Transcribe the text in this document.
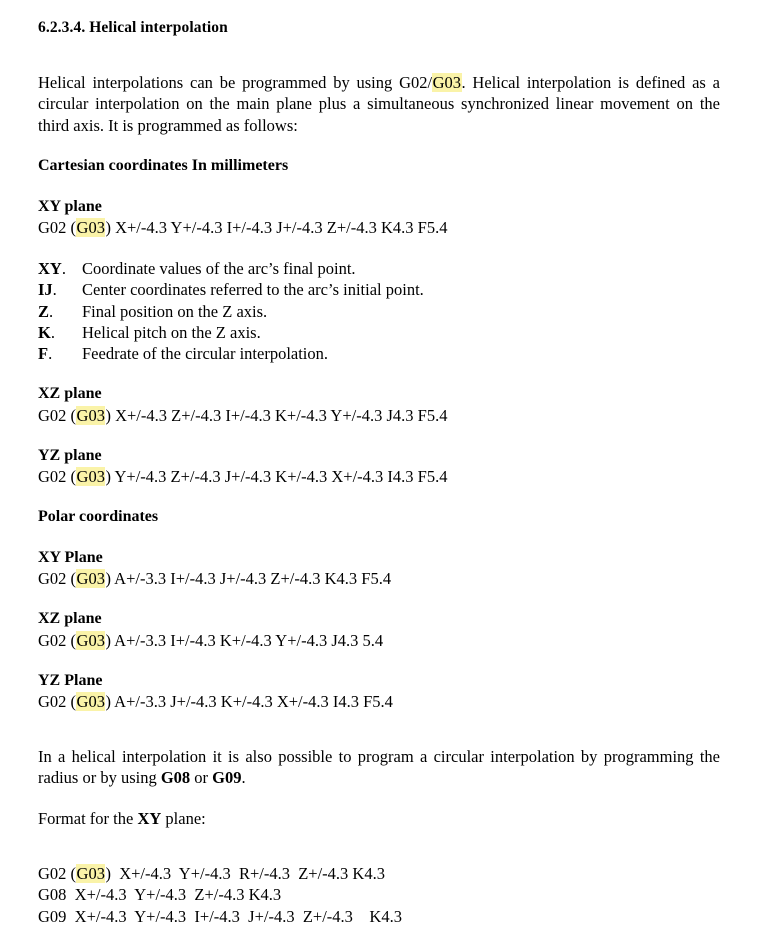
6.2.3.4. Helical interpolation

Helical interpolations can be programmed by using G02/G03. Helical interpolation is defined as a circular interpolation on the main plane plus a simultaneous synchronized linear movement on the third axis. It is programmed as follows:

Cartesian coordinates In millimeters
XY plane
G02 (G03) X+/-4.3 Y+/-4.3 I+/-4.3 J+/-4.3 Z+/-4.3 K4.3 F5.4
XY. Coordinate values of the arc’s final point.
IJ.	Center coordinates referred to the arc’s initial point.
Z.	Final position on the Z axis.
K.	Helical pitch on the Z axis.
F.	Feedrate of the circular interpolation.
XZ plane
G02 (G03) X+/-4.3 Z+/-4.3 I+/-4.3 K+/-4.3 Y+/-4.3 J4.3 F5.4
YZ plane
G02 (G03) Y+/-4.3 Z+/-4.3 J+/-4.3 K+/-4.3 X+/-4.3 I4.3 F5.4
Polar coordinates
XY Plane
G02 (G03) A+/-3.3 I+/-4.3 J+/-4.3 Z+/-4.3 K4.3 F5.4
XZ plane
G02 (G03) A+/-3.3 I+/-4.3 K+/-4.3 Y+/-4.3 J4.3 5.4
YZ Plane
G02 (G03) A+/-3.3 J+/-4.3 K+/-4.3 X+/-4.3 I4.3 F5.4

In a helical interpolation it is also possible to program a circular interpolation by programming the radius or by using G08 or G09.

Format for the XY plane:

G02 (G03)  X+/-4.3  Y+/-4.3  R+/-4.3  Z+/-4.3 K4.3
G08  X+/-4.3  Y+/-4.3  Z+/-4.3 K4.3
G09  X+/-4.3  Y+/-4.3  I+/-4.3  J+/-4.3  Z+/-4.3    K4.3
